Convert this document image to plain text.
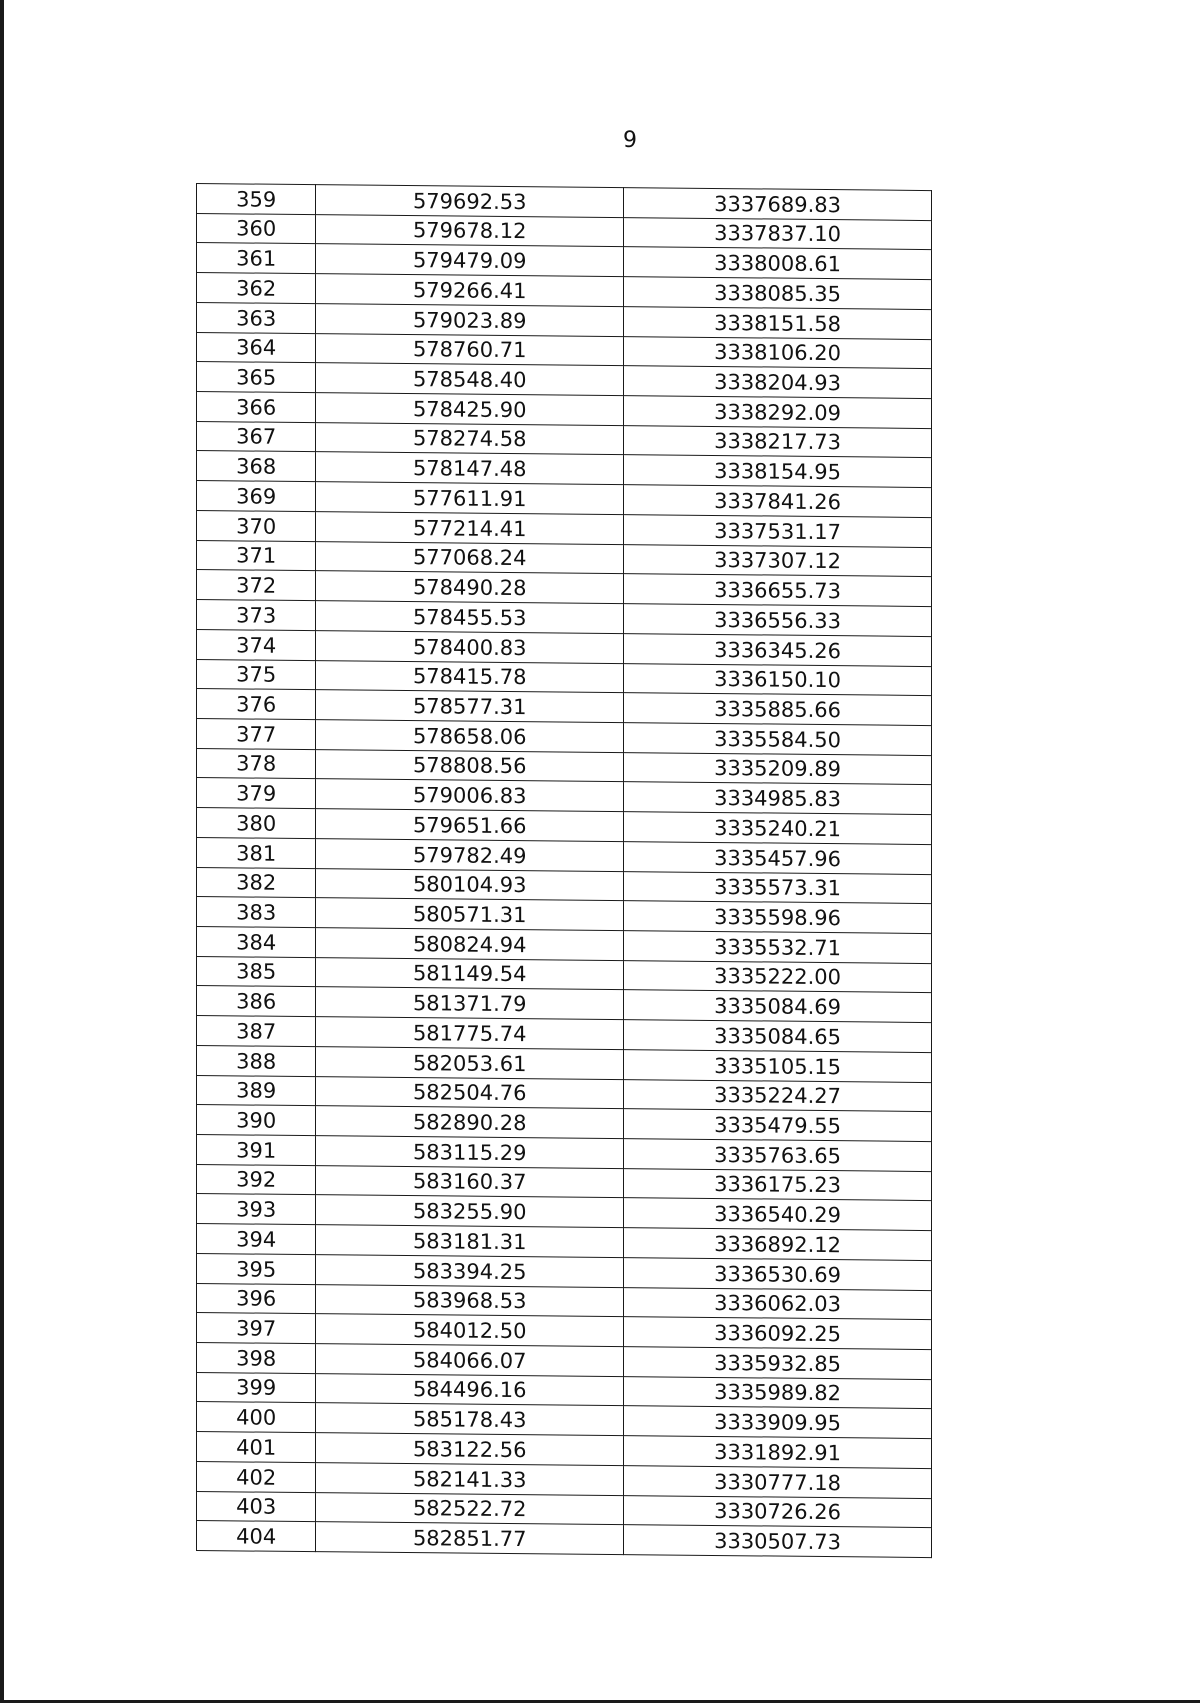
9
359	579692.53	3337689.83
360	579678.12	3337837.10
361	579479.09	3338008.61
362	579266.41	3338085.35
363	579023.89	3338151.58
364	578760.71	3338106.20
365	578548.40	3338204.93
366	578425.90	3338292.09
367	578274.58	3338217.73
368	578147.48	3338154.95
369	577611.91	3337841.26
370	577214.41	3337531.17
371	577068.24	3337307.12
372	578490.28	3336655.73
373	578455.53	3336556.33
374	578400.83	3336345.26
375	578415.78	3336150.10
376	578577.31	3335885.66
377	578658.06	3335584.50
378	578808.56	3335209.89
379	579006.83	3334985.83
380	579651.66	3335240.21
381	579782.49	3335457.96
382	580104.93	3335573.31
383	580571.31	3335598.96
384	580824.94	3335532.71
385	581149.54	3335222.00
386	581371.79	3335084.69
387	581775.74	3335084.65
388	582053.61	3335105.15
389	582504.76	3335224.27
390	582890.28	3335479.55
391	583115.29	3335763.65
392	583160.37	3336175.23
393	583255.90	3336540.29
394	583181.31	3336892.12
395	583394.25	3336530.69
396	583968.53	3336062.03
397	584012.50	3336092.25
398	584066.07	3335932.85
399	584496.16	3335989.82
400	585178.43	3333909.95
401	583122.56	3331892.91
402	582141.33	3330777.18
403	582522.72	3330726.26
404	582851.77	3330507.73
